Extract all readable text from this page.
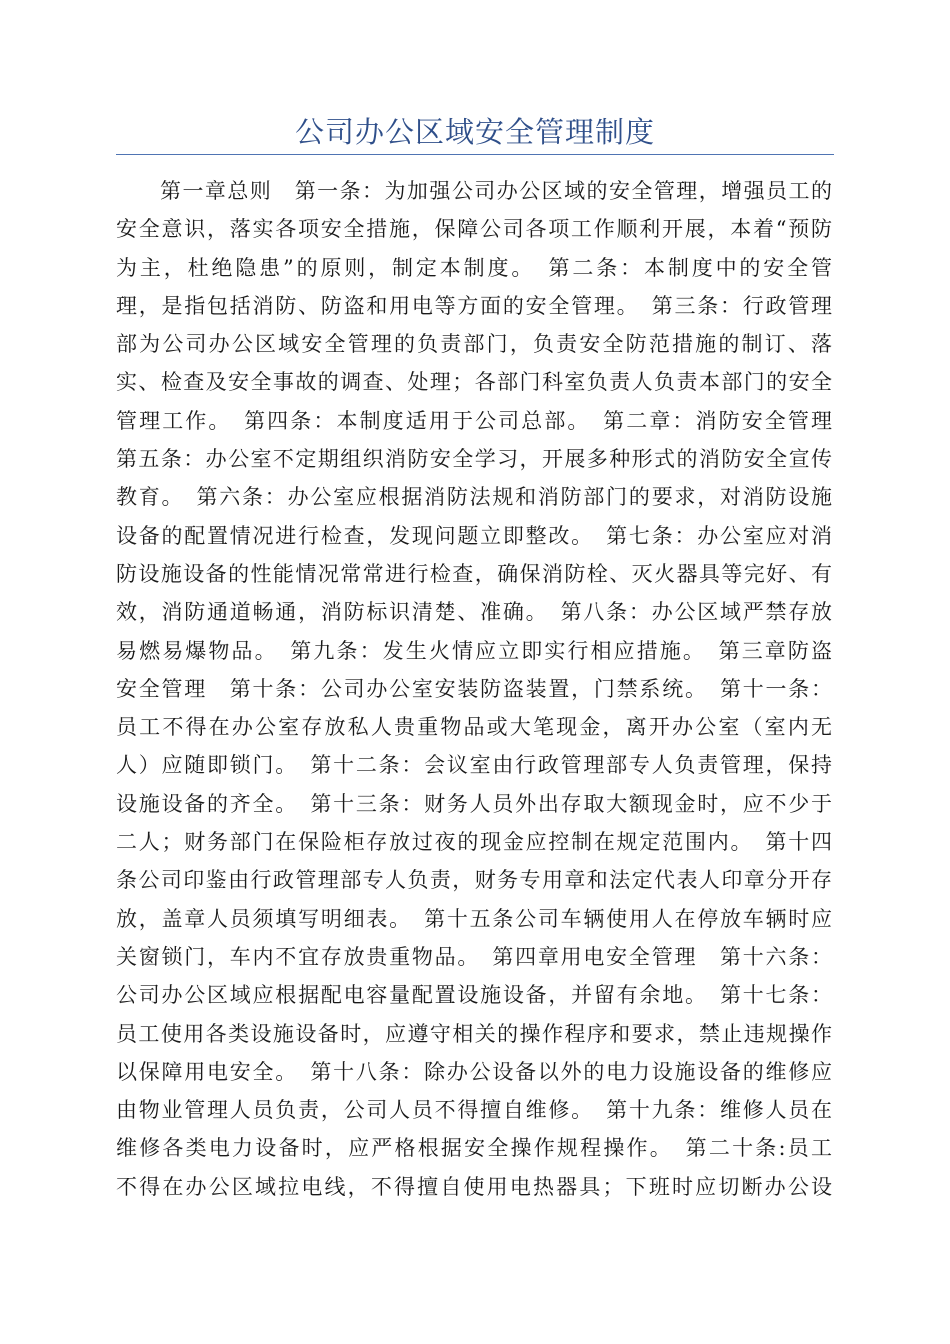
公司办公区域安全管理制度
第一章总则　第一条：为加强公司办公区域的安全管理，增强员工的
安全意识，落实各项安全措施，保障公司各项工作顺利开展，本着“预防
为主，杜绝隐患”的原则，制定本制度。　第二条：本制度中的安全管
理，是指包括消防、防盗和用电等方面的安全管理。　第三条：行政管理
部为公司办公区域安全管理的负责部门，负责安全防范措施的制订、落
实、检查及安全事故的调查、处理；各部门科室负责人负责本部门的安全
管理工作。　第四条：本制度适用于公司总部。　第二章：消防安全管理
第五条：办公室不定期组织消防安全学习，开展多种形式的消防安全宣传
教育。　第六条：办公室应根据消防法规和消防部门的要求，对消防设施
设备的配置情况进行检查，发现问题立即整改。　第七条：办公室应对消
防设施设备的性能情况常常进行检查，确保消防栓、灭火器具等完好、有
效，消防通道畅通，消防标识清楚、准确。　第八条：办公区域严禁存放
易燃易爆物品。　第九条：发生火情应立即实行相应措施。　第三章防盗
安全管理　第十条：公司办公室安装防盗装置，门禁系统。　第十一条：
员工不得在办公室存放私人贵重物品或大笔现金，离开办公室（室内无
人）应随即锁门。　第十二条：会议室由行政管理部专人负责管理，保持
设施设备的齐全。　第十三条：财务人员外出存取大额现金时，应不少于
二人；财务部门在保险柜存放过夜的现金应控制在规定范围内。　第十四
条公司印鉴由行政管理部专人负责，财务专用章和法定代表人印章分开存
放，盖章人员须填写明细表。　第十五条公司车辆使用人在停放车辆时应
关窗锁门，车内不宜存放贵重物品。　第四章用电安全管理　第十六条：
公司办公区域应根据配电容量配置设施设备，并留有余地。　第十七条：
员工使用各类设施设备时，应遵守相关的操作程序和要求，禁止违规操作
以保障用电安全。　第十八条：除办公设备以外的电力设施设备的维修应
由物业管理人员负责，公司人员不得擅自维修。　第十九条：维修人员在
维修各类电力设备时，应严格根据安全操作规程操作。　第二十条:员工
不得在办公区域拉电线，不得擅自使用电热器具；下班时应切断办公设
